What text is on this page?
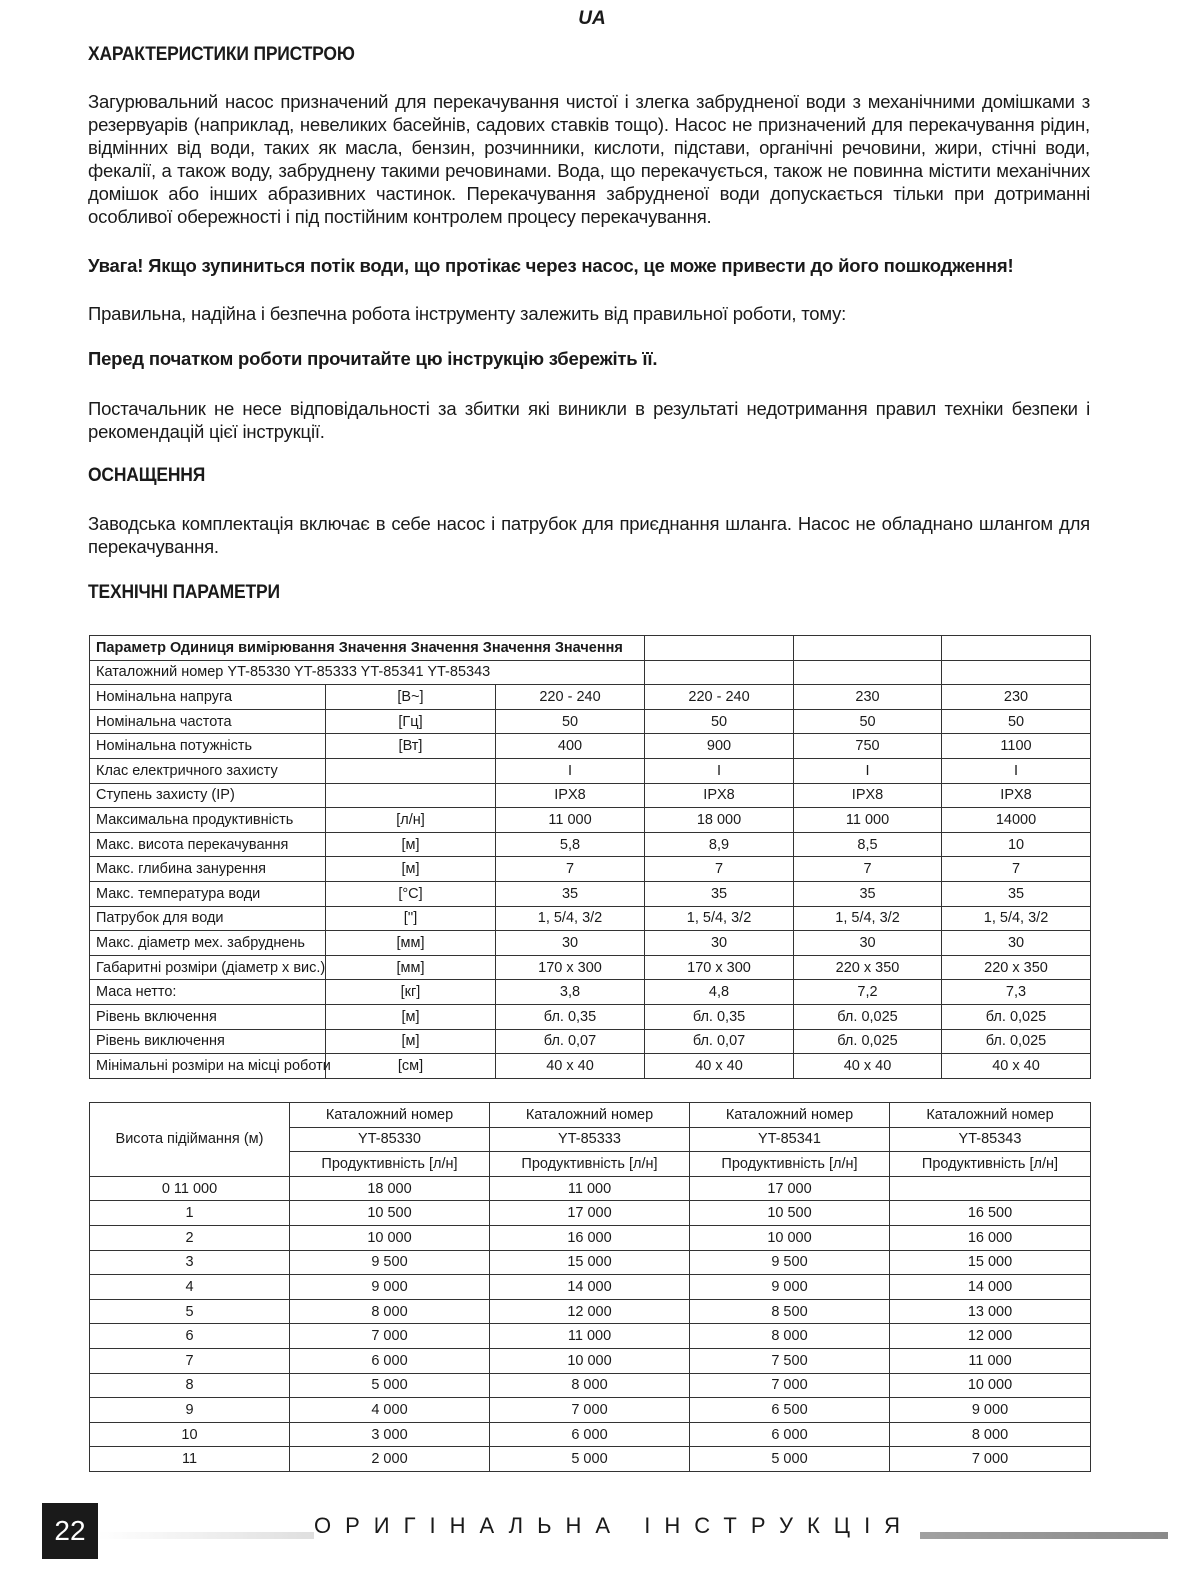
UA
ХАРАКТЕРИСТИКИ ПРИСТРОЮ

Загурювальний насос призначений для перекачування чистої і злегка забрудненої води з механічними домішками з резервуарів (наприклад, невеликих басейнів, садових ставків тощо). Насос не призначений для перекачування рідин, відмінних від води, таких як масла, бензин, розчинники, кислоти, підстави, органічні речовини, жири, стічні води, фекалії, а також воду, забруднену такими речовинами. Вода, що перекачується, також не повинна містити механічних домішок або інших абразивних частинок. Перекачування забрудненої води допускається тільки при дотриманні особливої обережності і під постійним контролем процесу перекачування.

Увага! Якщо зупиниться потік води, що протікає через насос, це може привести до його пошкодження!

Правильна, надійна і безпечна робота інструменту залежить від правильної роботи, тому:

Перед початком роботи прочитайте цю інструкцію збережіть її.

Постачальник не несе відповідальності за збитки які виникли в результаті недотримання правил техніки безпеки і рекомендацій цієї інструкції.

ОСНАЩЕННЯ

Заводська комплектація включає в себе насос і патрубок для приєднання шланга. Насос не обладнано шлангом для перекачування.

ТЕХНІЧНІ ПАРАМЕТРИ
Параметр Одиниця вимірювання Значення Значення Значення Значення					
Каталожний номер YT-85330 YT-85333 YT-85341 YT-85343					
Номінальна напруга	[В~]	220 - 240	220 - 240	230	230
Номінальна частота	[Гц]	50	50	50	50
Номінальна потужність	[Вт]	400	900	750	1100
Клас електричного захисту		I	I	I	I
Ступень захисту (IP)		IPX8	IPX8	IPX8	IPX8
Максимальна продуктивність	[л/н]	11 000	18 000	11 000	14000
Макс. висота перекачування	[м]	5,8	8,9	8,5	10
Макс. глибина занурення	[м]	7	7	7	7
Макс. температура води	[°C]	35	35	35	35
Патрубок для води	['']	1, 5/4, 3/2	1, 5/4, 3/2	1, 5/4, 3/2	1, 5/4, 3/2
Макс. діаметр мех. забруднень	[мм]	30	30	30	30
Габаритні розміри (діаметр x вис.)	[мм]	170 x 300	170 x 300	220 x 350	220 x 350
Маса нетто:	[кг]	3,8	4,8	7,2	7,3
Рівень включення	[м]	бл. 0,35	бл. 0,35	бл. 0,025	бл. 0,025
Рівень виключення	[м]	бл. 0,07	бл. 0,07	бл. 0,025	бл. 0,025
Мінімальні розміри на місці роботи	[см]	40 x 40	40 x 40	40 x 40	40 x 40
Висота підіймання (м)	Каталожний номер	Каталожний номер	Каталожний номер	Каталожний номер
	YT-85330	YT-85333	YT-85341	YT-85343
	Продуктивність [л/н]	Продуктивність [л/н]	Продуктивність [л/н]	Продуктивність [л/н]
0 11 000	18 000	11 000	17 000	
1	10 500	17 000	10 500	16 500
2	10 000	16 000	10 000	16 000
3	9 500	15 000	9 500	15 000
4	9 000	14 000	9 000	14 000
5	8 000	12 000	8 500	13 000
6	7 000	11 000	8 000	12 000
7	6 000	10 000	7 500	11 000
8	5 000	8 000	7 000	10 000
9	4 000	7 000	6 500	9 000
10	3 000	6 000	6 000	8 000
11	2 000	5 000	5 000	7 000
22	ОРИГІНАЛЬНА ІНСТРУКЦІЯ
